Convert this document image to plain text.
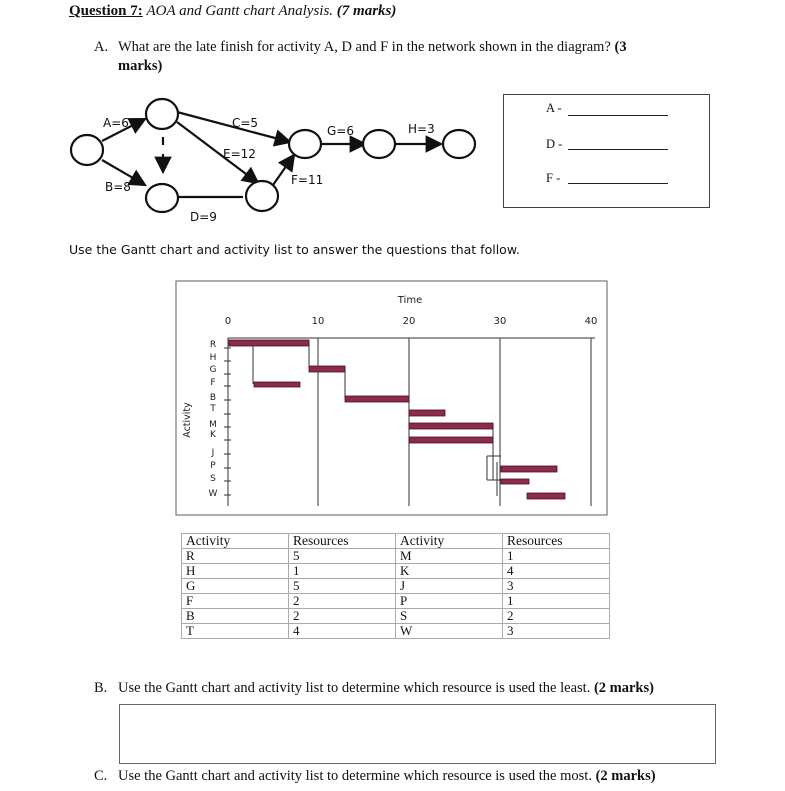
Question 7: AOA and Gantt chart Analysis. (7 marks)
A. What are the late finish for activity A, D and F in the network shown in the diagram? (3
marks)
A=6
B=8
C=5
E=12
D=9
F=11
G=6	H=3
A -
D -
F -
Use the Gantt chart and activity list to answer the questions that follow.
Time
0	10	20	30	40
Activity
R
H
G
F
B
T
M
K
J
P
S
W
Activity	Resources	Activity	Resources
R	5	M	1
H	1	K	4
G	5	J	3
F	2	P	1
B	2	S	2
T	4	W	3
B. Use the Gantt chart and activity list to determine which resource is used the least. (2 marks)
C. Use the Gantt chart and activity list to determine which resource is used the most. (2 marks)
